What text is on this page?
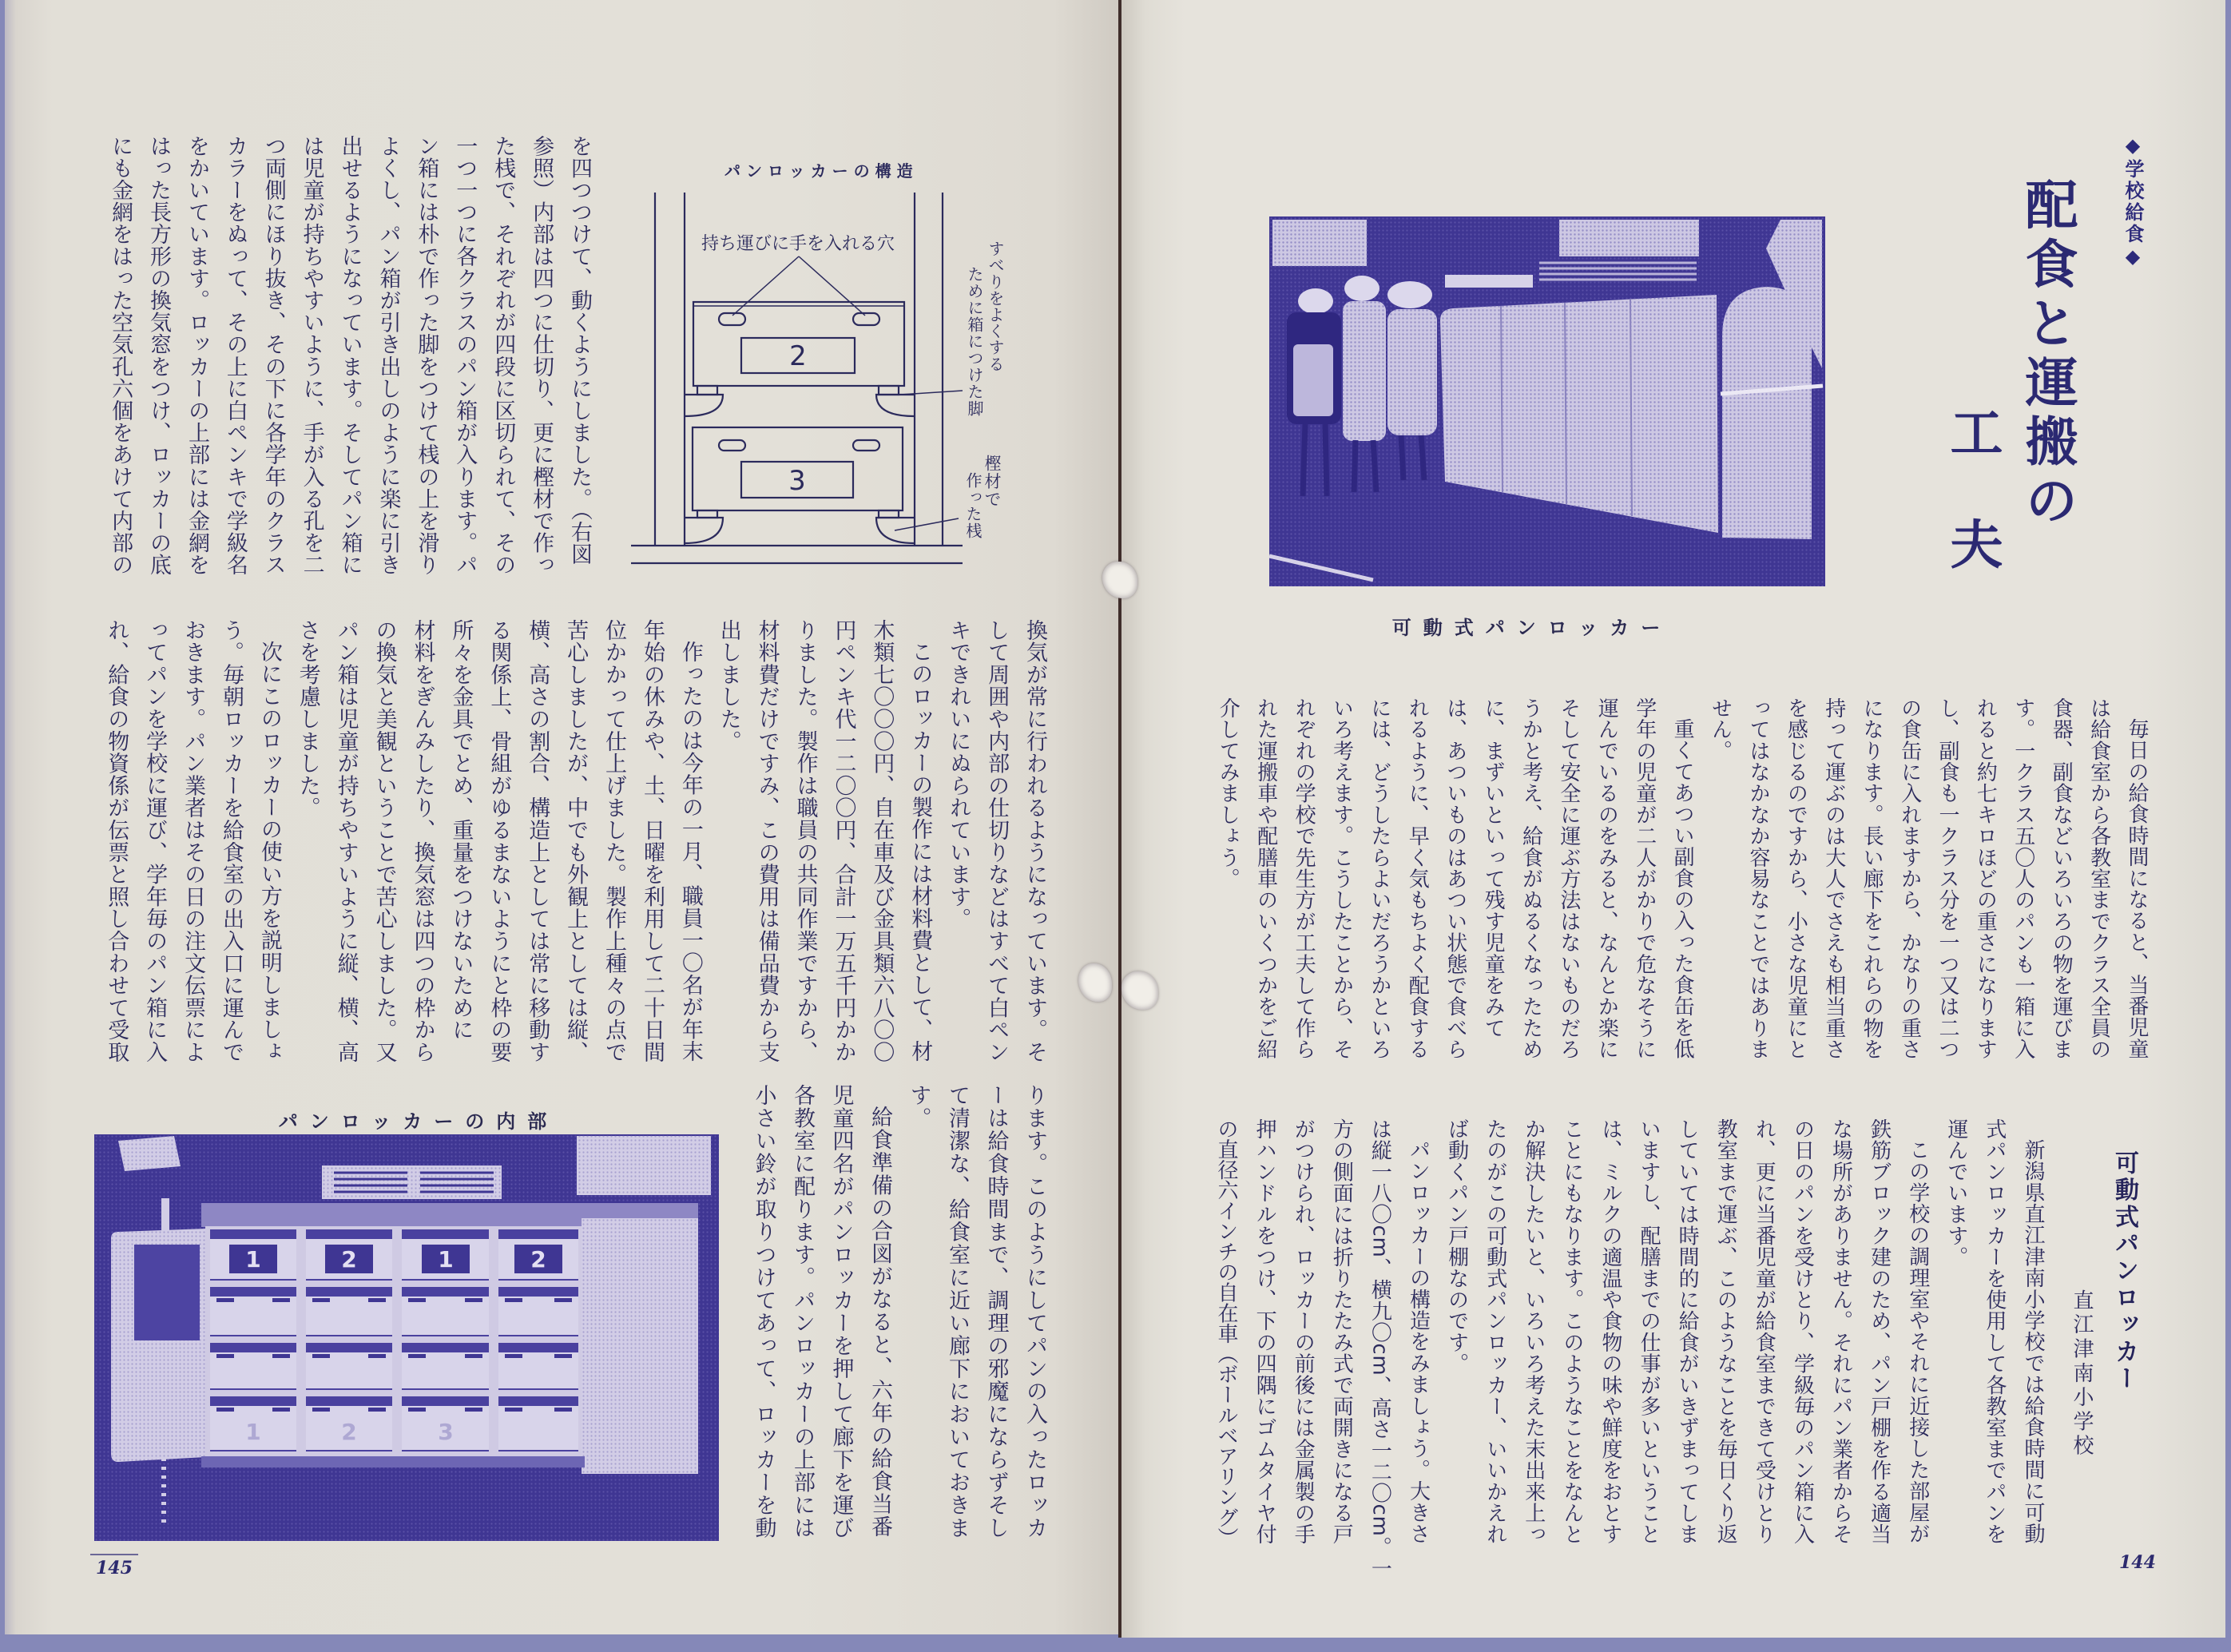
パンロッカーの構造
2
3
持ち運びに手を入れる穴	すべりをよくする
ために箱につけた脚
樫材で
作った桟
を四つつけて、動くようにしました。（右図
参照）内部は四つに仕切り、更に樫材で作っ
た桟で、それぞれが四段に区切られて、その
一つ一つに各クラスのパン箱が入ります。パ
ン箱には朴で作った脚をつけて桟の上を滑り
よくし、パン箱が引き出しのように楽に引き
出せるようになっています。そしてパン箱に
は児童が持ちやすいように、手が入る孔を二
つ両側にほり抜き、その下に各学年のクラス
カラーをぬって、その上に白ペンキで学級名
をかいています。ロッカーの上部には金網を
はった長方形の換気窓をつけ、ロッカーの底
にも金網をはった空気孔六個をあけて内部の
換気が常に行われるようになっています。そ
して周囲や内部の仕切りなどはすべて白ペン
キできれいにぬられています。
このロッカーの製作には材料費として、材
木類七〇〇〇円、自在車及び金具類六八〇〇
円ペンキ代一二〇〇円、合計一万五千円かか
りました。製作は職員の共同作業ですから、
材料費だけですみ、この費用は備品費から支
出しました。
作ったのは今年の一月、職員一〇名が年末
年始の休みや、土、日曜を利用して二十日間
位かかって仕上げました。製作上種々の点で
苦心しましたが、中でも外観上としては縦、
横、高さの割合、構造上としては常に移動す
る関係上、骨組がゆるまないようにと枠の要
所々を金具でとめ、重量をつけないために
材料をぎんみしたり、換気窓は四つの枠から
の換気と美観ということで苦心しました。又
パン箱は児童が持ちやすいように縦、横、高
さを考慮しました。
次にこのロッカーの使い方を説明しましょ
う。毎朝ロッカーを給食室の出入口に運んで
おきます。パン業者はその日の注文伝票によ
ってパンを学校に運び、学年毎のパン箱に入
れ、給食の物資係が伝票と照し合わせて受取
ります。このようにしてパンの入ったロッカ
ーは給食時間まで、調理の邪魔にならずそし
て清潔な、給食室に近い廊下においておきま
す。
給食準備の合図がなると、六年の給食当番
児童四名がパンロッカーを押して廊下を運び
各教室に配ります。パンロッカーの上部には
小さい鈴が取りつけてあって、ロッカーを動
パンロッカーの内部
1	2	1	2
1	2	3
145
◆学校給食◆
配食と運搬の
工夫
可動式パンロッカー
毎日の給食時間になると、当番児童
は給食室から各教室までクラス全員の
食器、副食などいろいろの物を運びま
す。一クラス五〇人のパンも一箱に入
れると約七キロほどの重さになります
し、副食も一クラス分を一つ又は二つ
の食缶に入れますから、かなりの重さ
になります。長い廊下をこれらの物を
持って運ぶのは大人でさえも相当重さ
を感じるのですから、小さな児童にと
ってはなかなか容易なことではありま
せん。
重くてあつい副食の入った食缶を低
学年の児童が二人がかりで危なそうに
運んでいるのをみると、なんとか楽に
そして安全に運ぶ方法はないものだろ
うかと考え、給食がぬるくなったため
に、まずいといって残す児童をみて
は、あついものはあつい状態で食べら
れるように、早く気もちよく配食する
には、どうしたらよいだろうかといろ
いろ考えます。こうしたことから、そ
れぞれの学校で先生方が工夫して作ら
れた運搬車や配膳車のいくつかをご紹
介してみましょう。
可動式パンロッカー
直江津南小学校
新潟県直江津南小学校では給食時間に可動
式パンロッカーを使用して各教室までパンを
運んでいます。
この学校の調理室やそれに近接した部屋が
鉄筋ブロック建のため、パン戸棚を作る適当
な場所がありません。それにパン業者からそ
の日のパンを受けとり、学級毎のパン箱に入
れ、更に当番児童が給食室まできて受けとり
教室まで運ぶ、このようなことを毎日くり返
していては時間的に給食がいきずまってしま
いますし、配膳までの仕事が多いということ
は、ミルクの適温や食物の味や鮮度をおとす
ことにもなります。このようなことをなんと
か解決したいと、いろいろ考えた末出来上っ
たのがこの可動式パンロッカー、いいかえれ
ば動くパン戸棚なのです。
パンロッカーの構造をみましょう。大きさ
は縦一八〇cm、横九〇cm、高さ一二〇cm。一
方の側面には折りたたみ式で両開きになる戸
がつけられ、ロッカーの前後には金属製の手
押ハンドルをつけ、下の四隅にゴムタイヤ付
の直径六インチの自在車（ボールベアリング）
144
